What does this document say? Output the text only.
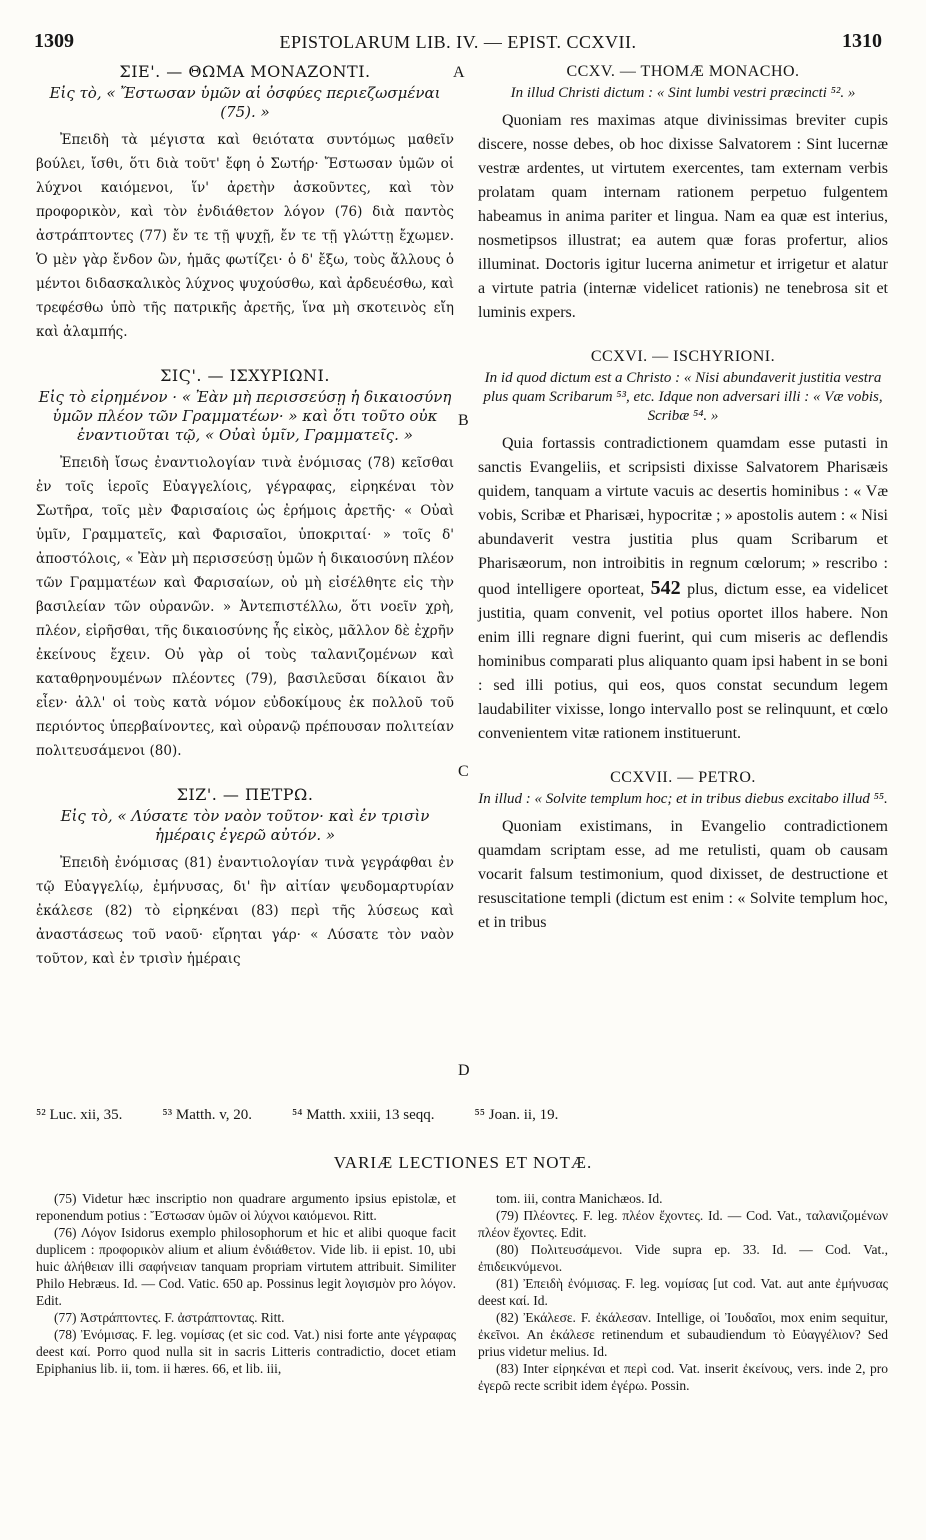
1309	EPISTOLARUM LIB. IV. — EPIST. CCXVII.	1310
A
B
C
D

ΣΙΕ'. — ΘΩΜΑ ΜΟΝΑΖΟΝΤΙ.

Εἰς τὸ, « Ἔστωσαν ὑμῶν αἱ ὀσφύες περιεζωσμέναι (75). »

Ἐπειδὴ τὰ μέγιστα καὶ θειότατα συντόμως μαθεῖν βούλει, ἴσθι, ὅτι διὰ τοῦτ' ἔφη ὁ Σωτήρ· Ἔστωσαν ὑμῶν οἱ λύχνοι καιόμενοι, ἵν' ἀρετὴν ἀσκοῦντες, καὶ τὸν προφορικὸν, καὶ τὸν ἐνδιάθετον λόγον (76) διὰ παντὸς ἀστράπτοντες (77) ἔν τε τῇ ψυχῇ, ἔν τε τῇ γλώττῃ ἔχωμεν. Ὁ μὲν γὰρ ἔνδον ὢν, ἡμᾶς φωτίζει· ὁ δ' ἔξω, τοὺς ἄλλους ὁ μέντοι διδασκαλικὸς λύχνος ψυχούσθω, καὶ ἀρδευέσθω, καὶ τρεφέσθω ὑπὸ τῆς πατρικῆς ἀρετῆς, ἵνα μὴ σκοτεινὸς εἴη καὶ ἀλαμπής.

ΣΙϚ'. — ΙΣΧΥΡΙΩΝΙ.

Εἰς τὸ εἰρημένον · « Ἐὰν μὴ περισσεύσῃ ἡ δικαιοσύνη ὑμῶν πλέον τῶν Γραμματέων· » καὶ ὅτι τοῦτο οὐκ ἐναντιοῦται τῷ, « Οὐαὶ ὑμῖν, Γραμματεῖς. »

Ἐπειδὴ ἴσως ἐναντιολογίαν τινὰ ἐνόμισας (78) κεῖσθαι ἐν τοῖς ἱεροῖς Εὐαγγελίοις, γέγραφας, εἰρηκέναι τὸν Σωτῆρα, τοῖς μὲν Φαρισαίοις ὡς ἐρήμοις ἀρετῆς· « Οὐαὶ ὑμῖν, Γραμματεῖς, καὶ Φαρισαῖοι, ὑποκριταί· » τοῖς δ' ἀποστόλοις, « Ἐὰν μὴ περισσεύσῃ ὑμῶν ἡ δικαιοσύνη πλέον τῶν Γραμματέων καὶ Φαρισαίων, οὐ μὴ εἰσέλθητε εἰς τὴν βασιλείαν τῶν οὐρανῶν. » Ἀντεπιστέλλω, ὅτι νοεῖν χρὴ, πλέον, εἰρῆσθαι, τῆς δικαιοσύνης ἧς εἰκὸς, μᾶλλον δὲ ἐχρῆν ἐκείνους ἔχειν. Οὐ γὰρ οἱ τοὺς ταλανιζομένων καὶ καταθρηνουμένων πλέοντες (79), βασιλεῦσαι δίκαιοι ἂν εἶεν· ἀλλ' οἱ τοὺς κατὰ νόμον εὐδοκίμους ἐκ πολλοῦ τοῦ περιόντος ὑπερβαίνοντες, καὶ οὐρανῷ πρέπουσαν πολιτείαν πολιτευσάμενοι (80).

ΣΙΖ'. — ΠΕΤΡΩ.

Εἰς τὸ, « Λύσατε τὸν ναὸν τοῦτον· καὶ ἐν τρισὶν ἡμέραις ἐγερῶ αὐτόν. »

Ἐπειδὴ ἐνόμισας (81) ἐναντιολογίαν τινὰ γεγράφθαι ἐν τῷ Εὐαγγελίῳ, ἐμήνυσας, δι' ἣν αἰτίαν ψευδομαρτυρίαν ἐκάλεσε (82) τὸ εἰρηκέναι (83) περὶ τῆς λύσεως καὶ ἀναστάσεως τοῦ ναοῦ· εἴρηται γάρ· « Λύσατε τὸν ναὸν τοῦτον, καὶ ἐν τρισὶν ἡμέραις

CCXV. — THOMÆ MONACHO.

In illud Christi dictum : « Sint lumbi vestri præcincti ⁵². »

Quoniam res maximas atque divinissimas breviter cupis discere, nosse debes, ob hoc dixisse Salvatorem : Sint lucernæ vestræ ardentes, ut virtutem exercentes, tam externam verbis prolatam quam internam rationem perpetuo fulgentem habeamus in anima pariter et lingua. Nam ea quæ est interius, nosmetipsos illustrat; ea autem quæ foras profertur, alios illuminat. Doctoris igitur lucerna animetur et irrigetur et alatur a virtute patria (internæ videlicet rationis) ne tenebrosa sit et luminis expers.

CCXVI. — ISCHYRIONI.

In id quod dictum est a Christo : « Nisi abundaverit justitia vestra plus quam Scribarum ⁵³, etc. Idque non adversari illi : « Væ vobis, Scribæ ⁵⁴. »

Quia fortassis contradictionem quamdam esse putasti in sanctis Evangeliis, et scripsisti dixisse Salvatorem Pharisæis quidem, tanquam a virtute vacuis ac desertis hominibus : « Væ vobis, Scribæ et Pharisæi, hypocritæ ; » apostolis autem : « Nisi abundaverit vestra justitia plus quam Scribarum et Pharisæorum, non introibitis in regnum cœlorum; » rescribo : quod intelligere oporteat, 542 plus, dictum esse, ea videlicet justitia, quam convenit, vel potius oportet illos habere. Non enim illi regnare digni fuerint, qui cum miseris ac deflendis hominibus comparati plus aliquanto quam ipsi habent in se boni : sed illi potius, qui eos, quos constat secundum legem laudabiliter vixisse, longo intervallo post se relinquunt, et cœlo convenientem vitæ rationem instituerunt.

CCXVII. — PETRO.

In illud : « Solvite templum hoc; et in tribus diebus excitabo illud ⁵⁵.

Quoniam existimans, in Evangelio contradictionem quamdam scriptam esse, ad me retulisti, quam ob causam vocarit falsum testimonium, quod dixisset, de destructione et resuscitatione templi (dictum est enim : « Solvite templum hoc, et in tribus

⁵² Luc. xii, 35.	⁵³ Matth. v, 20.	⁵⁴ Matth. xxiii, 13 seqq.	⁵⁵ Joan. ii, 19.
VARIÆ LECTIONES ET NOTÆ.

(75) Videtur hæc inscriptio non quadrare argumento ipsius epistolæ, et reponendum potius : Ἔστωσαν ὑμῶν οἱ λύχνοι καιόμενοι. Ritt.

(76) Λόγον Isidorus exemplo philosophorum et hic et alibi quoque facit duplicem : προφορικὸν alium et alium ἐνδιάθετον. Vide lib. ii epist. 10, ubi huic ἀλήθειαν illi σαφήνειαν tanquam propriam virtutem attribuit. Similiter Philo Hebræus. Id. — Cod. Vatic. 650 ap. Possinus legit λογισμὸν pro λόγον. Edit.

(77) Ἀστράπτοντες. F. ἀστράπτοντας. Ritt.

(78) Ἐνόμισας. F. leg. νομίσας (et sic cod. Vat.) nisi forte ante γέγραφας deest καί. Porro quod nulla sit in sacris Litteris contradictio, docet etiam Epiphanius lib. ii, tom. ii hæres. 66, et lib. iii,

tom. iii, contra Manichæos. Id.

(79) Πλέοντες. F. leg. πλέον ἔχοντες. Id. — Cod. Vat., ταλανιζομένων πλέον ἔχοντες. Edit.

(80) Πολιτευσάμενοι. Vide supra ep. 33. Id. — Cod. Vat., ἐπιδεικνύμενοι.

(81) Ἐπειδὴ ἐνόμισας. F. leg. νομίσας [ut cod. Vat. aut ante ἐμήνυσας deest καί. Id.

(82) Ἐκάλεσε. F. ἐκάλεσαν. Intellige, οἱ Ἰουδαῖοι, mox enim sequitur, ἐκεῖνοι. An ἐκάλεσε retinendum et subaudiendum τὸ Εὐαγγέλιον? Sed prius videtur melius. Id.

(83) Inter εἰρηκέναι et περὶ cod. Vat. inserit ἐκείνους, vers. inde 2, pro ἐγερῶ recte scribit idem ἐγέρω. Possin.
